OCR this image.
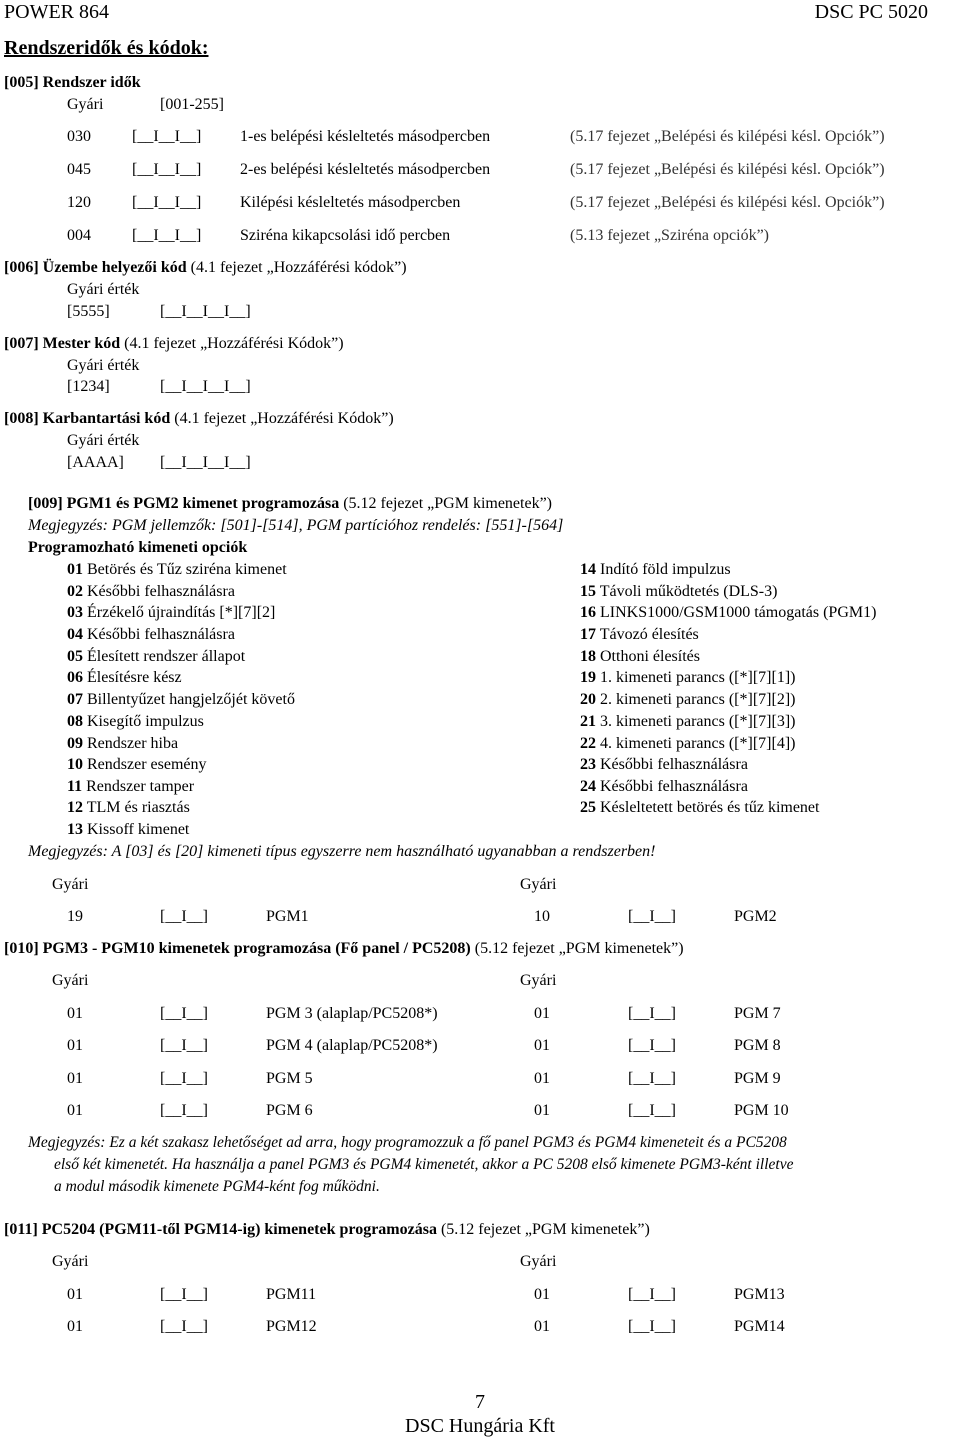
POWER 864	DSC PC 5020
Rendszeridők és kódok:
[005] Rendszer idők
Gyári	[001-255]
030	[__I__I__] 1-es belépési késleltetés másodpercben	(5.17 fejezet „Belépési és kilépési késl. Opciók”)
045	[__I__I__] 2-es belépési késleltetés másodpercben	(5.17 fejezet „Belépési és kilépési késl. Opciók”)
120	[__I__I__] Kilépési késleltetés másodpercben	(5.17 fejezet „Belépési és kilépési késl. Opciók”)
004	[__I__I__] Sziréna kikapcsolási idő percben	(5.13 fejezet „Sziréna opciók”)
[006] Üzembe helyezői kód (4.1 fejezet „Hozzáférési kódok”)
Gyári érték
[5555]	[__I__I__I__]
[007] Mester kód (4.1 fejezet „Hozzáférési Kódok”)
Gyári érték
[1234]	[__I__I__I__]
[008] Karbantartási kód (4.1 fejezet „Hozzáférési Kódok”)
Gyári érték
[AAAA] [__I__I__I__]
[009] PGM1 és PGM2 kimenet programozása (5.12 fejezet „PGM kimenetek”)
Megjegyzés: PGM jellemzők: [501]-[514], PGM partícióhoz rendelés: [551]-[564]
Programozható kimeneti opciók
01 Betörés és Tűz sziréna kimenet
02 Későbbi felhasználásra
03 Érzékelő újraindítás [*][7][2]
04 Későbbi felhasználásra
05 Élesített rendszer állapot
06 Élesítésre kész
07 Billentyűzet hangjelzőjét követő
08 Kisegítő impulzus
09 Rendszer hiba
10 Rendszer esemény
11 Rendszer tamper
12 TLM és riasztás
13 Kissoff kimenet
14 Indító föld impulzus
15 Távoli működtetés (DLS-3)
16 LINKS1000/GSM1000 támogatás (PGM1)
17 Távozó élesítés
18 Otthoni élesítés
19 1. kimeneti parancs ([*][7][1])
20 2. kimeneti parancs ([*][7][2])
21 3. kimeneti parancs ([*][7][3])
22 4. kimeneti parancs ([*][7][4])
23 Későbbi felhasználásra
24 Későbbi felhasználásra
25 Késleltetett betörés és tűz kimenet
Megjegyzés: A [03] és [20] kimeneti típus egyszerre nem használható ugyanabban a rendszerben!
Gyári	Gyári
19	[__I__]	PGM1	10	[__I__]	PGM2
[010] PGM3 - PGM10 kimenetek programozása (Fő panel / PC5208) (5.12 fejezet „PGM kimenetek”)
Gyári	Gyári
01	[__I__]	PGM 3 (alaplap/PC5208*)	01	[__I__]	PGM 7
01	[__I__]	PGM 4 (alaplap/PC5208*)	01	[__I__]	PGM 8
01	[__I__]	PGM 5	01	[__I__]	PGM 9
01	[__I__]	PGM 6	01	[__I__]	PGM 10
Megjegyzés: Ez a két szakasz lehetőséget ad arra, hogy programozzuk a fő panel PGM3 és PGM4 kimeneteit és a PC5208
első két kimenetét. Ha használja a panel PGM3 és PGM4 kimenetét, akkor a PC 5208 első kimenete PGM3-ként illetve
a modul második kimenete PGM4-ként fog működni.
[011] PC5204 (PGM11-től PGM14-ig) kimenetek programozása (5.12 fejezet „PGM kimenetek”)
Gyári	Gyári
01	[__I__]	PGM11	01	[__I__]	PGM13
01	[__I__]	PGM12	01	[__I__]	PGM14
7
DSC Hungária Kft
